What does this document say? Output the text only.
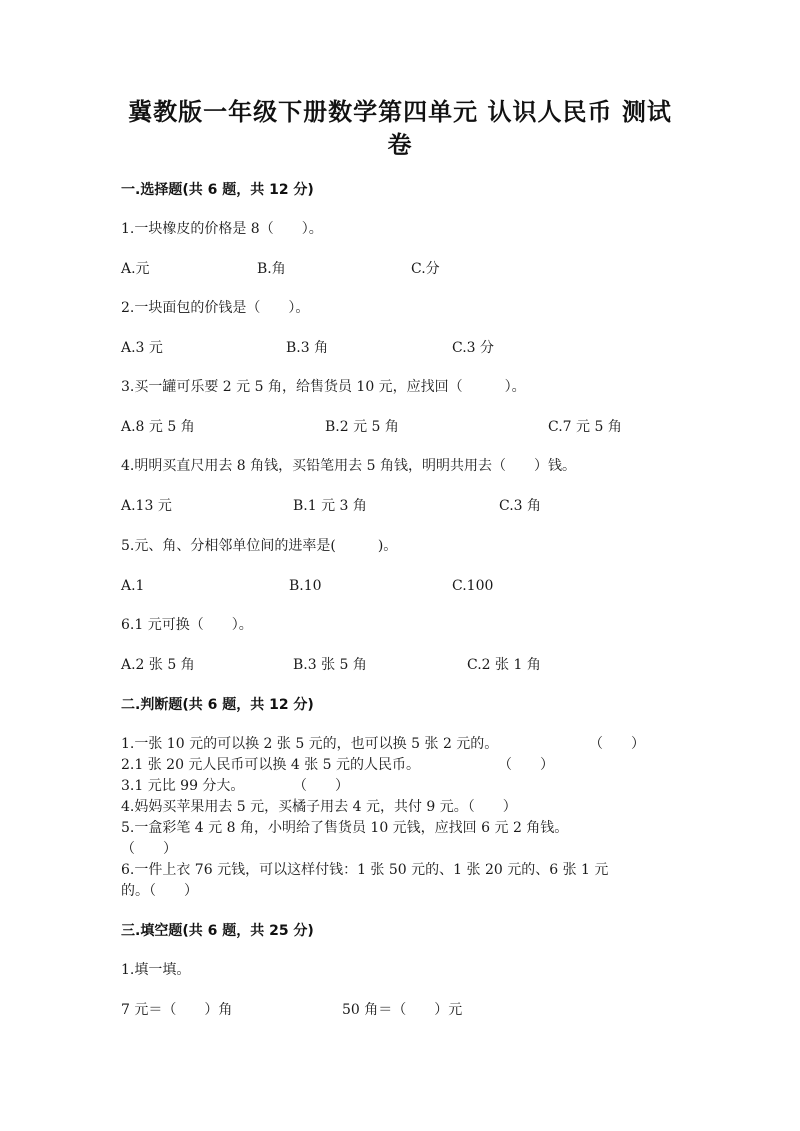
冀教版一年级下册数学第四单元 认识人民币 测试
卷
一.选择题(共 6 题，共 12 分)
1.一块橡皮的价格是 8（　　）。
A.元	B.角	C.分
2.一块面包的价钱是（　　）。
A.3 元	B.3 角	C.3 分
3.买一罐可乐要 2 元 5 角，给售货员 10 元，应找回（　　　）。
A.8 元 5 角	B.2 元 5 角	C.7 元 5 角
4.明明买直尺用去 8 角钱，买铅笔用去 5 角钱，明明共用去（　　）钱。
A.13 元	B.1 元 3 角	C.3 角
5.元、角、分相邻单位间的进率是(　　　)。
A.1	B.10	C.100
6.1 元可换（　　）。
A.2 张 5 角	B.3 张 5 角	C.2 张 1 角
二.判断题(共 6 题，共 12 分)
1.一张 10 元的可以换 2 张 5 元的，也可以换 5 张 2 元的。	（　　）
2.1 张 20 元人民币可以换 4 张 5 元的人民币。	（　　）
3.1 元比 99 分大。	（　　）
4.妈妈买苹果用去 5 元，买橘子用去 4 元，共付 9 元。（　　）
5.一盒彩笔 4 元 8 角，小明给了售货员 10 元钱，应找回 6 元 2 角钱。
（　　）
6.一件上衣 76 元钱，可以这样付钱：1 张 50 元的、1 张 20 元的、6 张 1 元
的。（　　）
三.填空题(共 6 题，共 25 分)
1.填一填。
7 元＝（　　）角	50 角＝（　　）元
